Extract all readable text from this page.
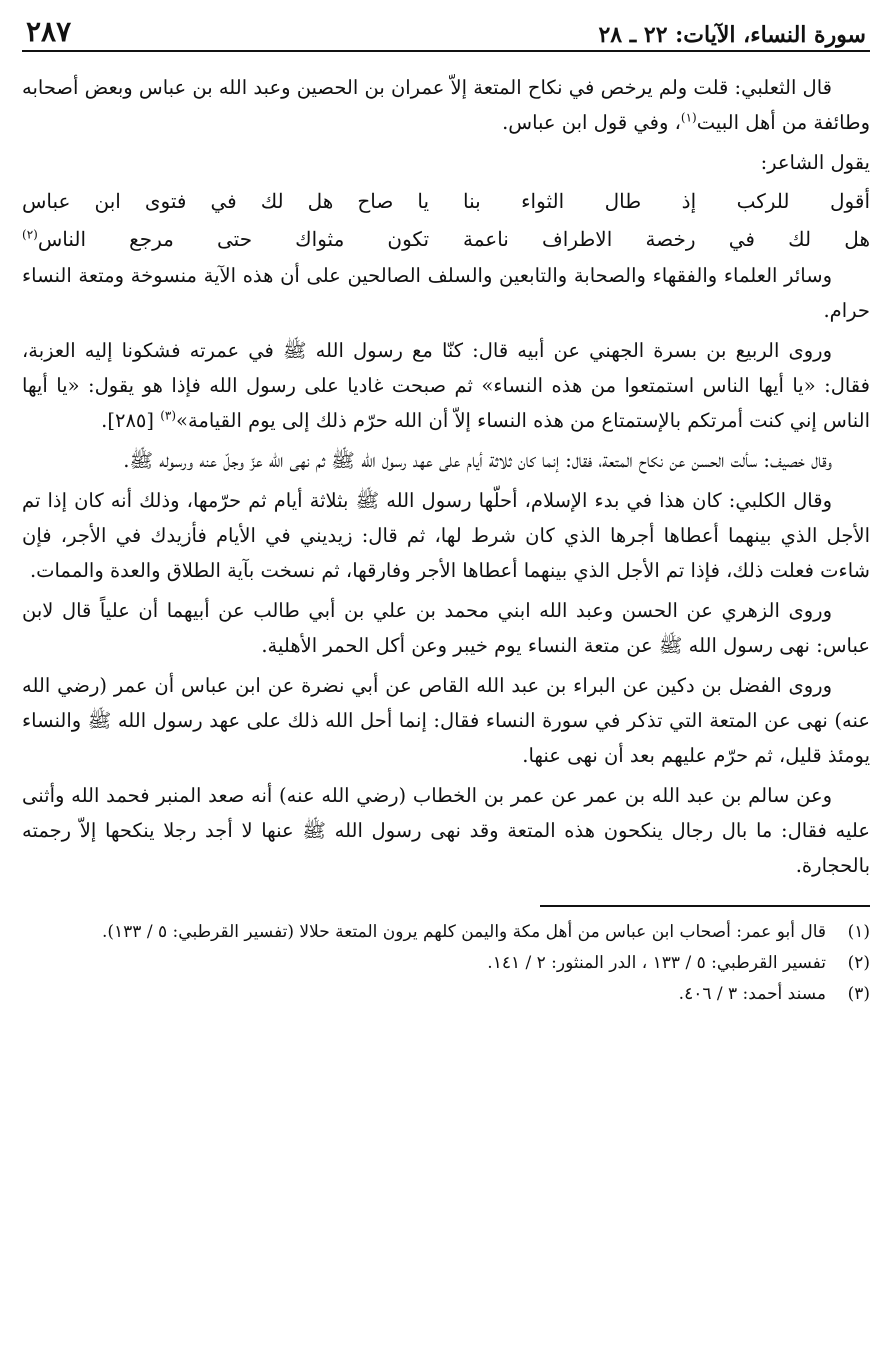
سورة النساء، الآيات: ٢٢ ـ ٢٨
٢٨٧

قال الثعلبي: قلت ولم يرخص في نكاح المتعة إلاّ عمران بن الحصين وعبد الله بن عباس وبعض أصحابه وطائفة من أهل البيت$^{(١)}$، وفي قول ابن عباس.

يقول الشاعر:

أقول للركب إذ طال الثواء بنا
يا صاح هل لك في فتوى ابن عباس
هل لك في رخصة الاطراف ناعمة
تكون مثواك حتى مرجع الناس$^{(٢)}$

وسائر العلماء والفقهاء والصحابة والتابعين والسلف الصالحين على أن هذه الآية منسوخة ومتعة النساء حرام.

وروى الربيع بن بسرة الجهني عن أبيه قال: كنّا مع رسول الله ﷺ في عمرته فشكونا إليه العزبة، فقال: «يا أيها الناس استمتعوا من هذه النساء» ثم صبحت غاديا على رسول الله فإذا هو يقول: «يا أيها الناس إني كنت أمرتكم بالإستمتاع من هذه النساء إلاّ أن الله حرّم ذلك إلى يوم القيامة»$^{(٣)}$ [٢٨٥].

وقال خصيف: سألت الحسن عن نكاح المتعة، فقال: إنما كان ثلاثة أيام على عهد رسول الله ﷺ ثم نهى الله عزّ وجلّ عنه ورسوله ﷺ.

وقال الكلبي: كان هذا في بدء الإسلام، أحلّها رسول الله ﷺ بثلاثة أيام ثم حرّمها، وذلك أنه كان إذا تم الأجل الذي بينهما أعطاها أجرها الذي كان شرط لها، ثم قال: زيديني في الأيام فأزيدك في الأجر، فإن شاءت فعلت ذلك، فإذا تم الأجل الذي بينهما أعطاها الأجر وفارقها، ثم نسخت بآية الطلاق والعدة والممات.

وروى الزهري عن الحسن وعبد الله ابني محمد بن علي بن أبي طالب عن أبيهما أن علياً قال لابن عباس: نهى رسول الله ﷺ عن متعة النساء يوم خيبر وعن أكل الحمر الأهلية.

وروى الفضل بن دكين عن البراء بن عبد الله القاص عن أبي نضرة عن ابن عباس أن عمر (رضي الله عنه) نهى عن المتعة التي تذكر في سورة النساء فقال: إنما أحل الله ذلك على عهد رسول الله ﷺ والنساء يومئذ قليل، ثم حرّم عليهم بعد أن نهى عنها.

وعن سالم بن عبد الله بن عمر عن عمر بن الخطاب (رضي الله عنه) أنه صعد المنبر فحمد الله وأثنى عليه فقال: ما بال رجال ينكحون هذه المتعة وقد نهى رسول الله ﷺ عنها لا أجد رجلا ينكحها إلاّ رجمته بالحجارة.

(١)
قال أبو عمر: أصحاب ابن عباس من أهل مكة واليمن كلهم يرون المتعة حلالا (تفسير القرطبي: ٥ / ١٣٣).

(٢)
تفسير القرطبي: ٥ / ١٣٣ ، الدر المنثور: ٢ / ١٤١.

(٣)
مسند أحمد: ٣ / ٤٠٦.
